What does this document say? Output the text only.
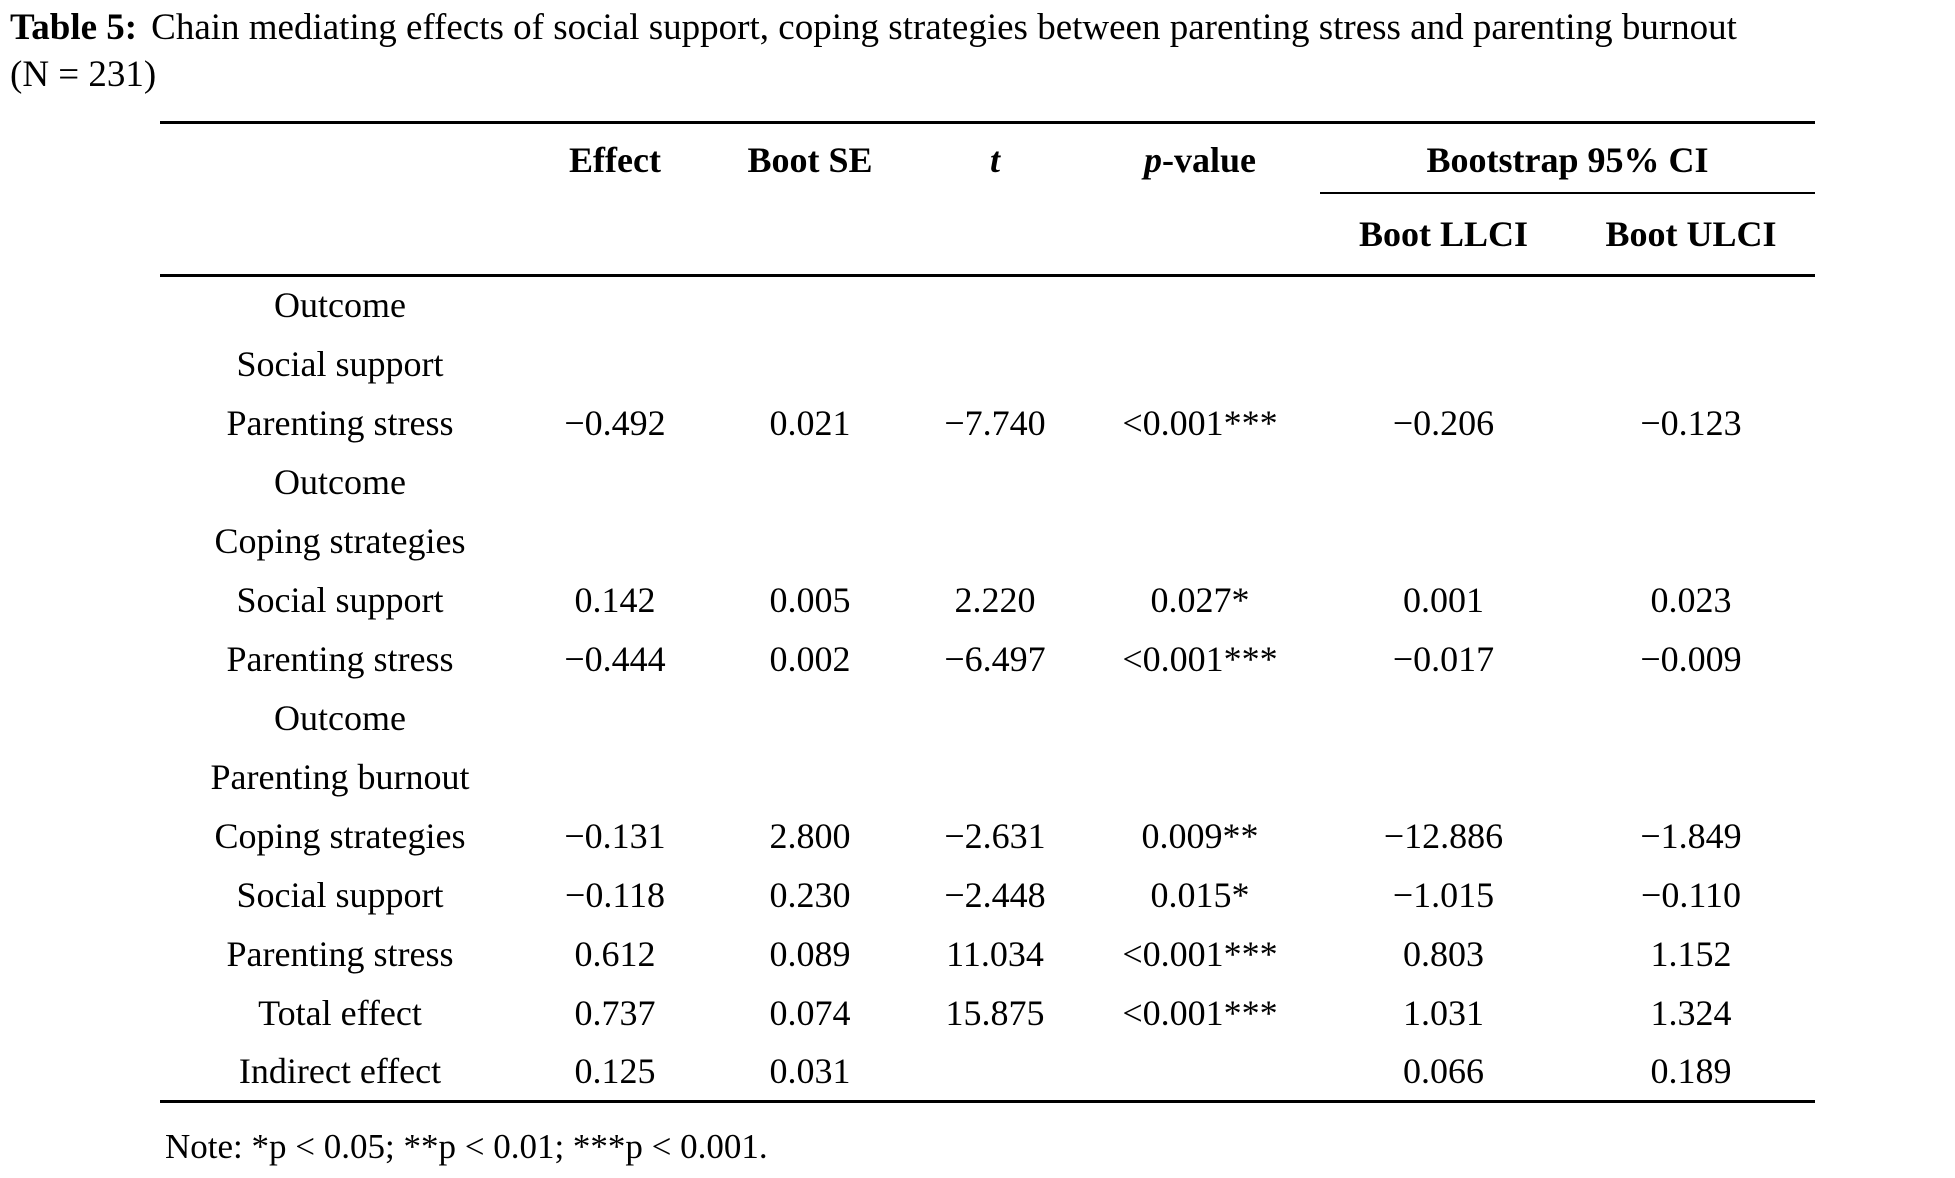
Table 5: Chain mediating effects of social support, coping strategies between parenting stress and parenting burnout

(N = 231)

	Effect	Boot SE	t	p-value	Bootstrap 95% CI	
					Boot LLCI	Boot ULCI
Outcome						
Social support						
Parenting stress	−0.492	0.021	−7.740	<0.001***	−0.206	−0.123
Outcome						
Coping strategies						
Social support	0.142	0.005	2.220	0.027*	0.001	0.023
Parenting stress	−0.444	0.002	−6.497	<0.001***	−0.017	−0.009
Outcome						
Parenting burnout						
Coping strategies	−0.131	2.800	−2.631	0.009**	−12.886	−1.849
Social support	−0.118	0.230	−2.448	0.015*	−1.015	−0.110
Parenting stress	0.612	0.089	11.034	<0.001***	0.803	1.152
Total effect	0.737	0.074	15.875	<0.001***	1.031	1.324
Indirect effect	0.125	0.031			0.066	0.189

Note: *p < 0.05; **p < 0.01; ***p < 0.001.
